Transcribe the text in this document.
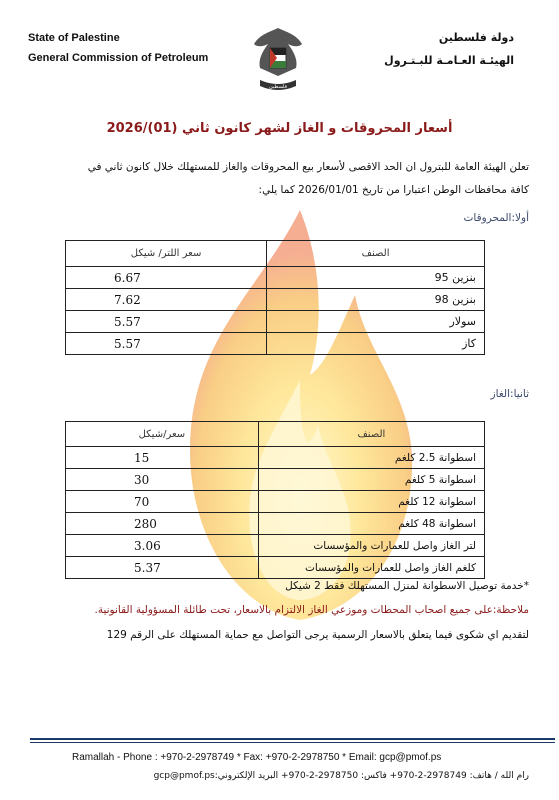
State of Palestine
General Commission of Petroleum
فلسطين
دولة فلسطين
الهيئـة العـامـة للبـتـرول
أسعار المحروقات و الغاز لشهر كانون ثاني (01)/2026

تعلن الهيئة العامة للبترول ان الحد الاقصى لأسعار بيع المحروقات والغاز للمستهلك خلال كانون ثاني في

كافة محافظات الوطن اعتبارا من تاريخ 2026/01/01 كما يلي:

أولا:المحروقات
الصنف	سعر اللتر/ شيكل
بنزين 95	6.67
بنزين 98	7.62
سولار	5.57
كاز	5.57
ثانيا:الغاز
الصنف	سعر/شيكل
اسطوانة 2.5 كلغم	15
اسطوانة 5 كلغم	30
اسطوانة 12 كلغم	70
اسطوانة 48 كلغم	280
لتر الغاز واصل للعمارات والمؤسسات	3.06
كلغم الغاز واصل للعمارات والمؤسسات	5.37
*خدمة توصيل الاسطوانة لمنزل المستهلك فقط 2 شيكل
ملاحظة:على جميع اصحاب المحطات وموزعي الغاز الالتزام بالاسعار، تحت طائلة المسؤولية القانونية.
لتقديم اي شكوى فيما يتعلق بالاسعار الرسمية يرجى التواصل مع حماية المستهلك على الرقم 129
Ramallah - Phone : +970-2-2978749 * Fax: +970-2-2978750 * Email: gcp@pmof.ps
رام الله / هاتف: 2978749-2-970+ فاكس: 2978750-2-970+ البريد الإلكتروني:gcp@pmof.ps
